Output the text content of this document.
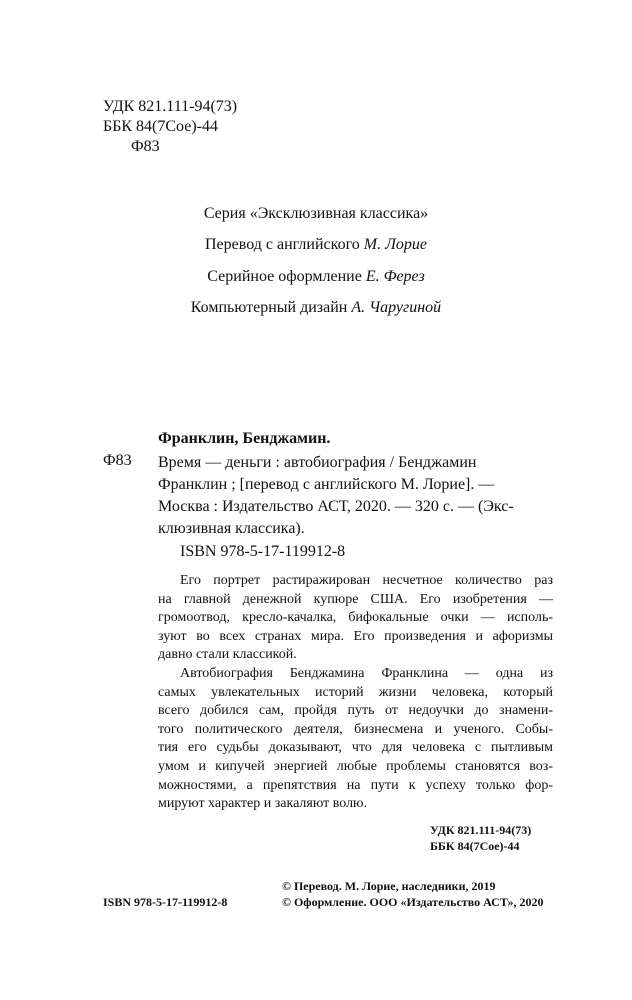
УДК 821.111-94(73)
ББК 84(7Сое)-44
Ф83
Серия «Эксклюзивная классика»
Перевод с английского М. Лорие
Серийное оформление Е. Ферез
Компьютерный дизайн А. Чаругиной
Франклин, Бенджамин.
Ф83 Время — деньги : автобиография / Бенджамин
Франклин ; [перевод с английского М. Лорие]. —
Москва : Издательство АСТ, 2020. — 320 с. — (Экс-
клюзивная классика).
ISBN 978-5-17-119912-8
Его портрет растиражирован несчетное количество раз
на главной денежной купюре США. Его изобретения —
громоотвод, кресло-качалка, бифокальные очки — исполь-
зуют во всех странах мира. Его произведения и афоризмы
давно стали классикой.
Автобиография Бенджамина Франклина — одна из
самых увлекательных историй жизни человека, который
всего добился сам, пройдя путь от недоучки до знамени-
того политического деятеля, бизнесмена и ученого. Собы-
тия его судьбы доказывают, что для человека с пытливым
умом и кипучей энергией любые проблемы становятся воз-
можностями, а препятствия на пути к успеху только фор-
мируют характер и закаляют волю.
УДК 821.111-94(73)
ББК 84(7Сое)-44
© Перевод. М. Лорие, наследники, 2019
ISBN 978-5-17-119912-8	© Оформление. ООО «Издательство АСТ», 2020
